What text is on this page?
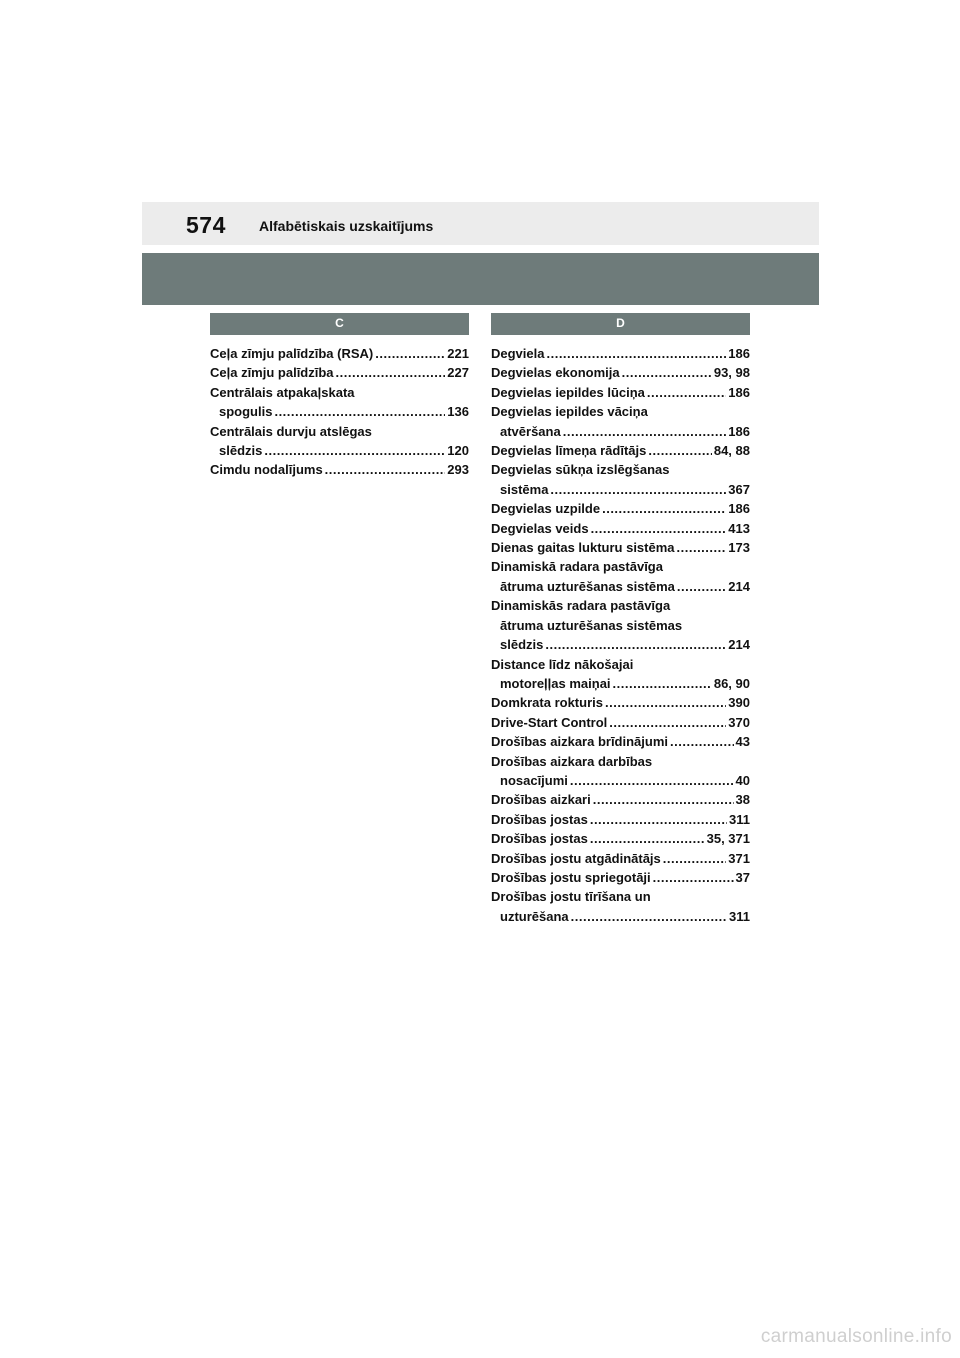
574 Alfabētiskais uzskaitījums
C
Ceļa zīmju palīdzība (RSA) .....	221
Ceļa zīmju palīdzība .....	227
Centrālais atpakaļskata
spogulis .....	136
Centrālais durvju atslēgas
slēdzis .....	120
Cimdu nodalījums .....	293
D
Degviela .....	186
Degvielas ekonomija .....	93, 98
Degvielas iepildes lūciņa .....	186
Degvielas iepildes vāciņa
atvēršana .....	186
Degvielas līmeņa rādītājs .....	84, 88
Degvielas sūkņa izslēgšanas
sistēma .....	367
Degvielas uzpilde .....	186
Degvielas veids .....	413
Dienas gaitas lukturu sistēma .....	173
Dinamiskā radara pastāvīga
ātruma uzturēšanas sistēma .....	214
Dinamiskās radara pastāvīga
ātruma uzturēšanas sistēmas
slēdzis .....	214
Distance līdz nākošajai
motoreļļas maiņai .....	86, 90
Domkrata rokturis .....	390
Drive-Start Control .....	370
Drošības aizkara brīdinājumi .....	43
Drošības aizkara darbības
nosacījumi .....	40
Drošības aizkari .....	38
Drošības jostas .....	311
Drošības jostas .....	35, 371
Drošības jostu atgādinātājs .....	371
Drošības jostu spriegotāji .....	37
Drošības jostu tīrīšana un
uzturēšana .....	311
carmanualsonline.info
